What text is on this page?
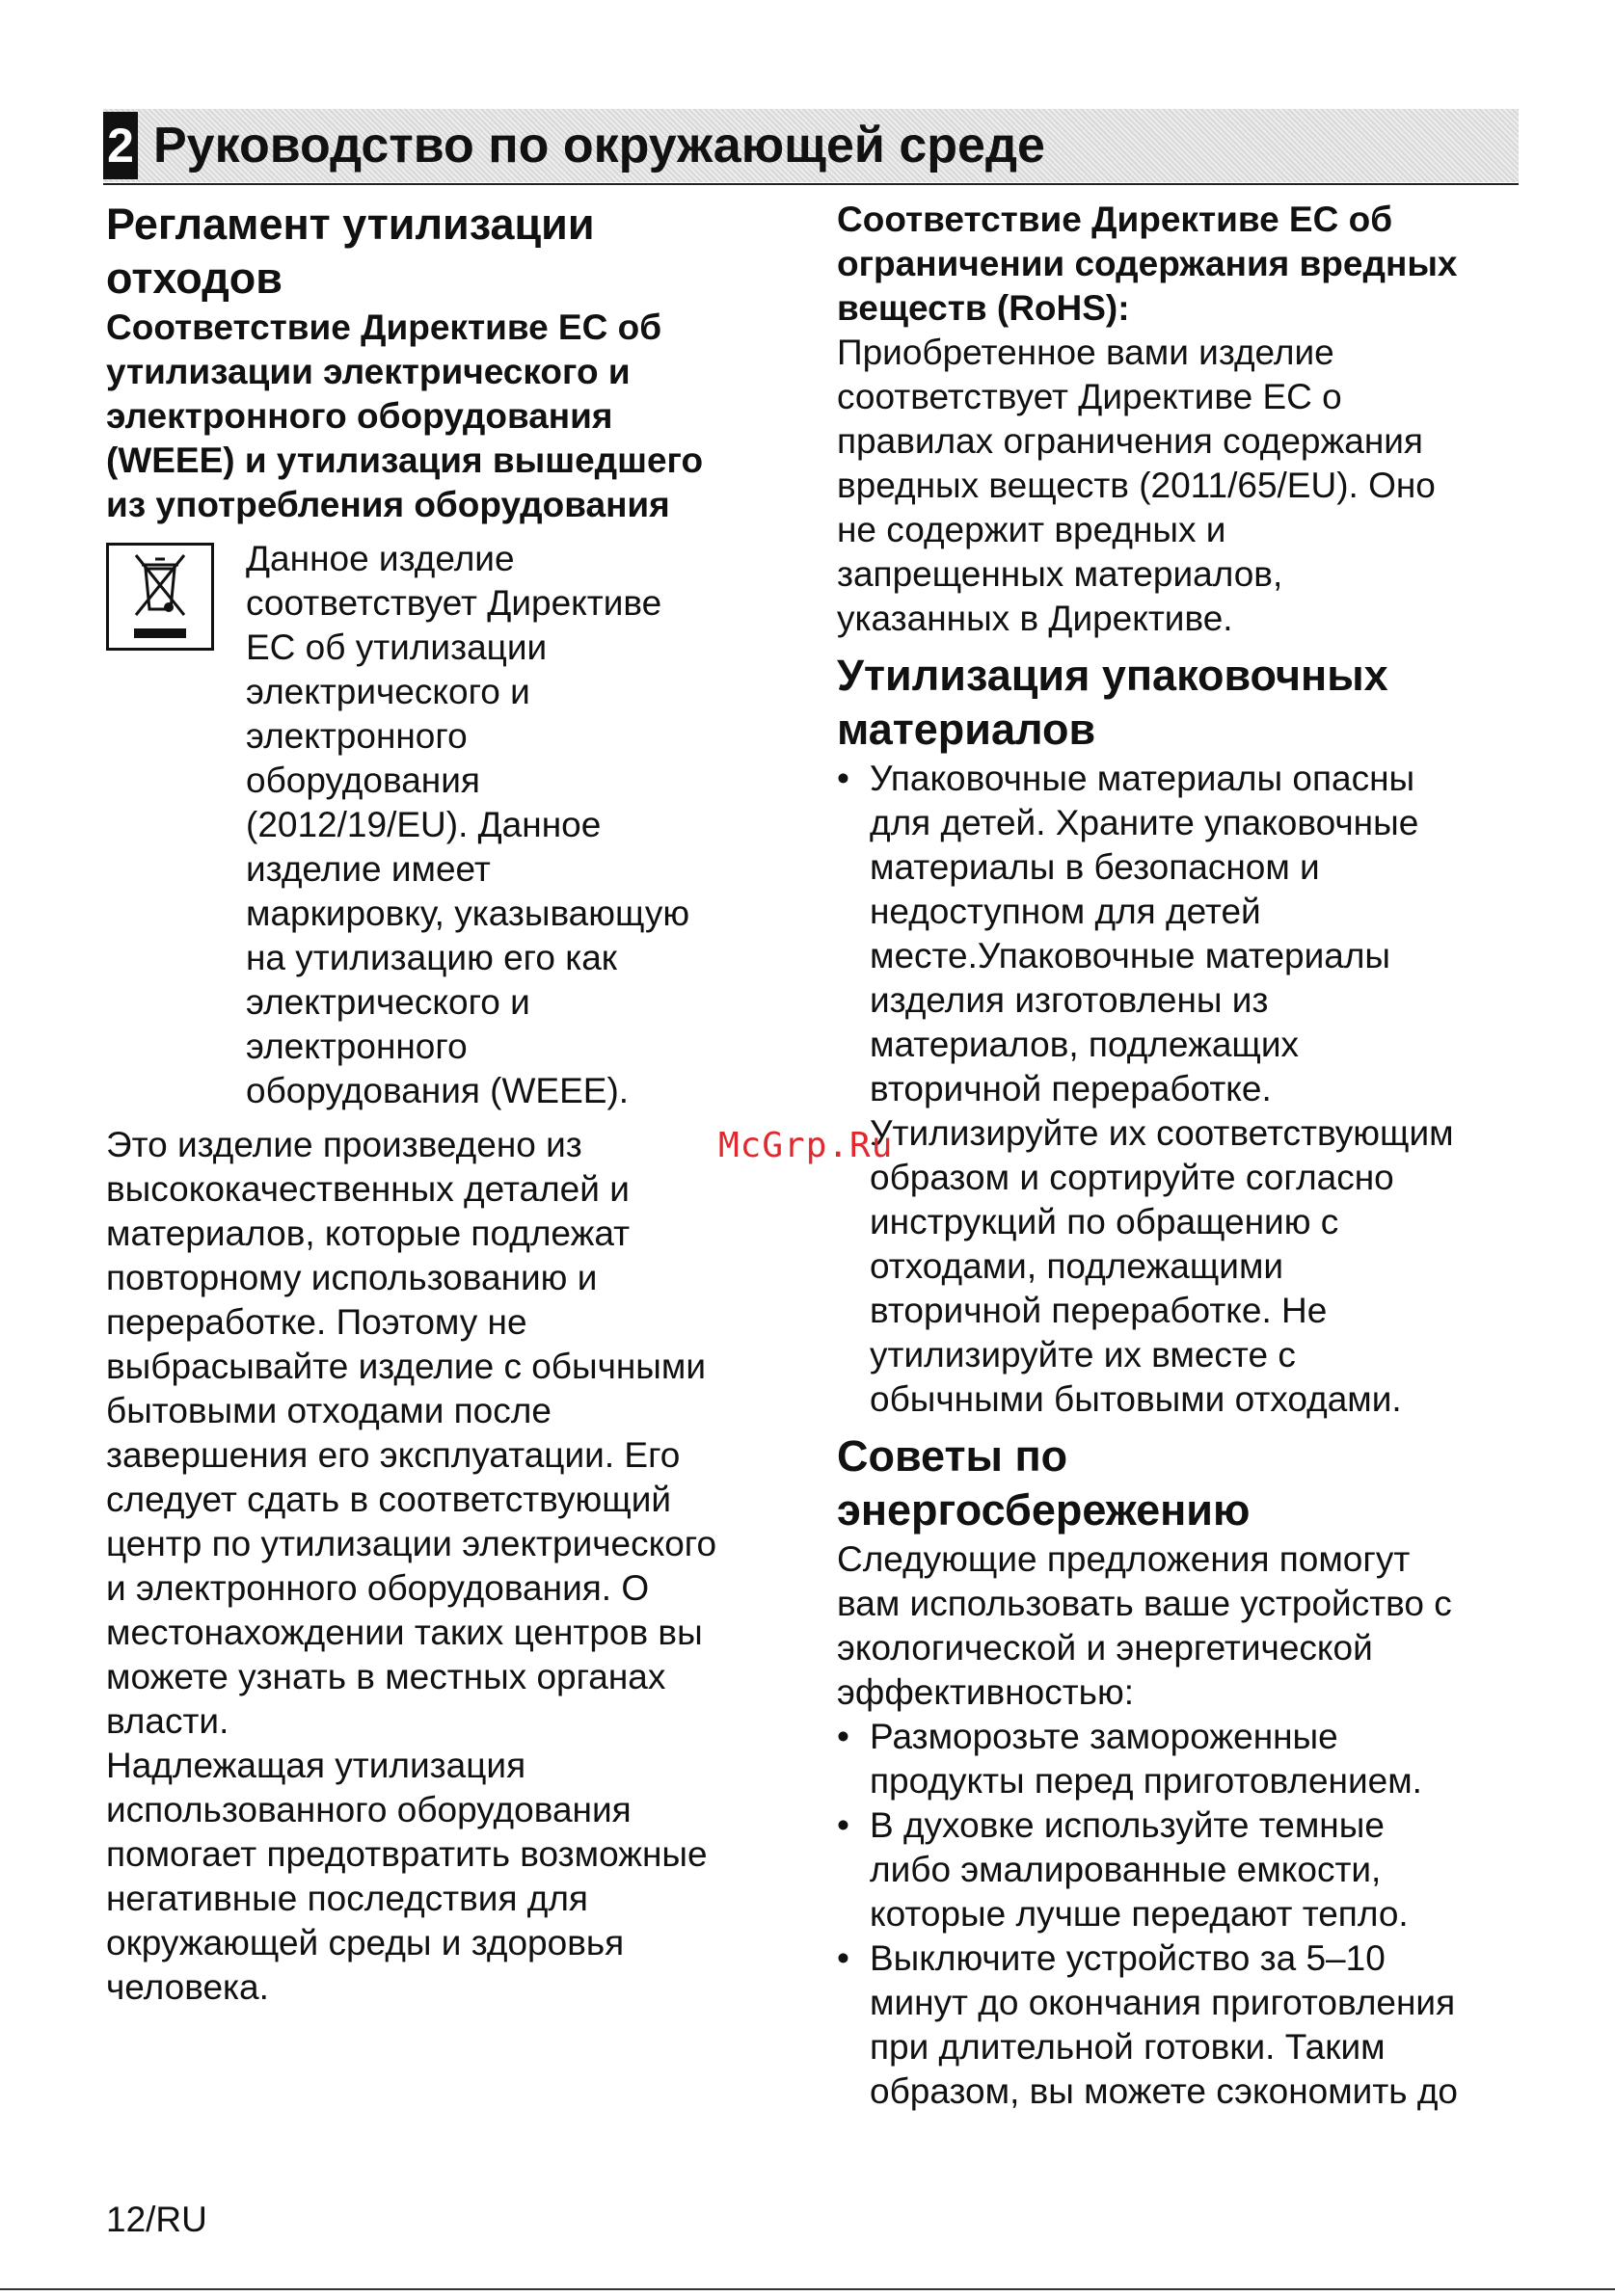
2 Руководство по окружающей среде
Регламент утилизации
отходов
Соответствие Директиве ЕС об
утилизации электрического и
электронного оборудования
(WEEE) и утилизация вышедшего
из употребления оборудования
Данное изделие
соответствует Директиве
ЕС об утилизации
электрического и
электронного
оборудования
(2012/19/EU). Данное
изделие имеет
маркировку, указывающую
на утилизацию его как
электрического и
электронного
оборудования (WEEE).
Это изделие произведено из
высококачественных деталей и
материалов, которые подлежат
повторному использованию и
переработке. Поэтому не
выбрасывайте изделие с обычными
бытовыми отходами после
завершения его эксплуатации. Его
следует сдать в соответствующий
центр по утилизации электрического
и электронного оборудования. О
местонахождении таких центров вы
можете узнать в местных органах
власти.
Надлежащая утилизация
использованного оборудования
помогает предотвратить возможные
негативные последствия для
окружающей среды и здоровья
человека.
Соответствие Директиве ЕС об
ограничении содержания вредных
веществ (RoHS):
Приобретенное вами изделие
соответствует Директиве ЕС о
правилах ограничения содержания
вредных веществ (2011/65/EU). Оно
не содержит вредных и
запрещенных материалов,
указанных в Директиве.
Утилизация упаковочных
материалов
• Упаковочные материалы опасны
для детей. Храните упаковочные
материалы в безопасном и
недоступном для детей
месте.Упаковочные материалы
изделия изготовлены из
материалов, подлежащих
вторичной переработке.
Утилизируйте их соответствующим
образом и сортируйте согласно
инструкций по обращению с
отходами, подлежащими
вторичной переработке. Не
утилизируйте их вместе с
обычными бытовыми отходами.
Советы по
энергосбережению
Следующие предложения помогут
вам использовать ваше устройство с
экологической и энергетической
эффективностью:
• Разморозьте замороженные
продукты перед приготовлением.
• В духовке используйте темные
либо эмалированные емкости,
которые лучше передают тепло.
• Выключите устройство за 5–10
минут до окончания приготовления
при длительной готовки. Таким
образом, вы можете сэкономить до
McGrp.Ru
12/RU
